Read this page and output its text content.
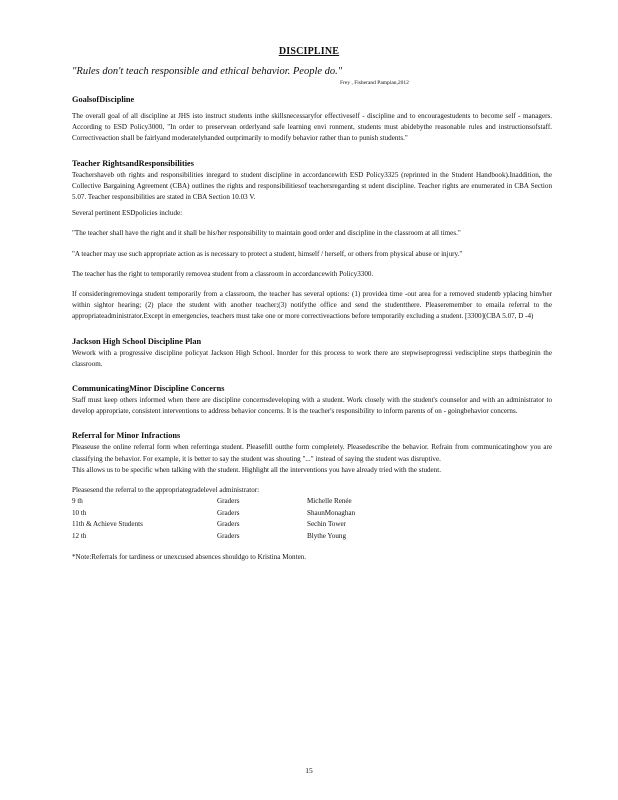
DISCIPLINE
"Rules don't teach responsible and ethical behavior. People do."
Frey , Fisherand Pampian,2012
GoalsofDiscipline

The overall goal of all discipline at JHS isto instruct students inthe skillsnecessaryfor effectiveself - discipline and to encouragestudents to become self - managers. According to ESD Policy3000, "In order to preservean orderlyand safe learning envi ronment, students must abidebythe reasonable rules and instructionsofstaff. Correctiveaction shall be fairlyand moderatelyhanded outprimarily to modify behavior rather than to punish students."

Teacher RightsandResponsibilities

Teachershaveb oth rights and responsibilities inregard to student discipline in accordancewith ESD Policy3325 (reprinted in the Student Handbook).Inaddition, the Collective Bargaining Agreement (CBA) outlines the rights and responsibilitiesof teachersregarding st udent discipline. Teacher rights are enumerated in CBA Section 5.07. Teacher responsibilities are stated in CBA Section 10.03 V.

Several pertinent ESDpolicies include:

"The teacher shall have the right and it shall be his/her responsibility to maintain good order and discipline in the classroom at all times."

"A teacher may use such appropriate action as is necessary to protect a student, himself / herself, or others from physical abuse or injury."

The teacher has the right to temporarily removea student from a classroom in accordancewith Policy3300.

If consideringremovinga student temporarily from a classroom, the teacher has several options: (1) providea time -out area for a removed studentb yplacing him/her within sightor hearing; (2) place the student with another teacher;(3) notifythe office and send the studentthere. Pleaseremember to emaila referral to the appropriateadministrator.Except in emergencies, teachers must take one or more correctiveactions before temporarily excluding a student. [3300](CBA 5.07, D -4)

Jackson High School Discipline Plan

Wework with a progressive discipline policyat Jackson High School. Inorder for this process to work there are stepwiseprogressi vediscipline steps thatbeginin the classroom.

CommunicatingMinor Discipline Concerns

Staff must keep others informed when there are discipline concernsdeveloping with a student. Work closely with the student's counselor and with an administrator to develop appropriate, consistent interventions to address behavior concerns. It is the teacher's responsibility to inform parents of on - goingbehavior concerns.

Referral for Minor Infractions

Pleaseuse the online referral form when referringa student. Pleasefill outthe form completely. Pleasedescribe the behavior. Refrain from communicatinghow you are classifying the behavior. For example, it is better to say the student was shouting "..." instead of saying the student was disruptive.

This allows us to be specific when talking with the student. Highlight all the interventions you have already tried with the student.

Pleasesend the referral to the appropriategradelevel administrator:

9 th	Graders	Michelle Renée
10 th	Graders	ShaunMonaghan
11th & Achieve Students	Graders	Sechin Tower
12 th	Graders	Blythe Young

*Note:Referrals for tardiness or unexcused absences shouldgo to Kristina Monten.

15
